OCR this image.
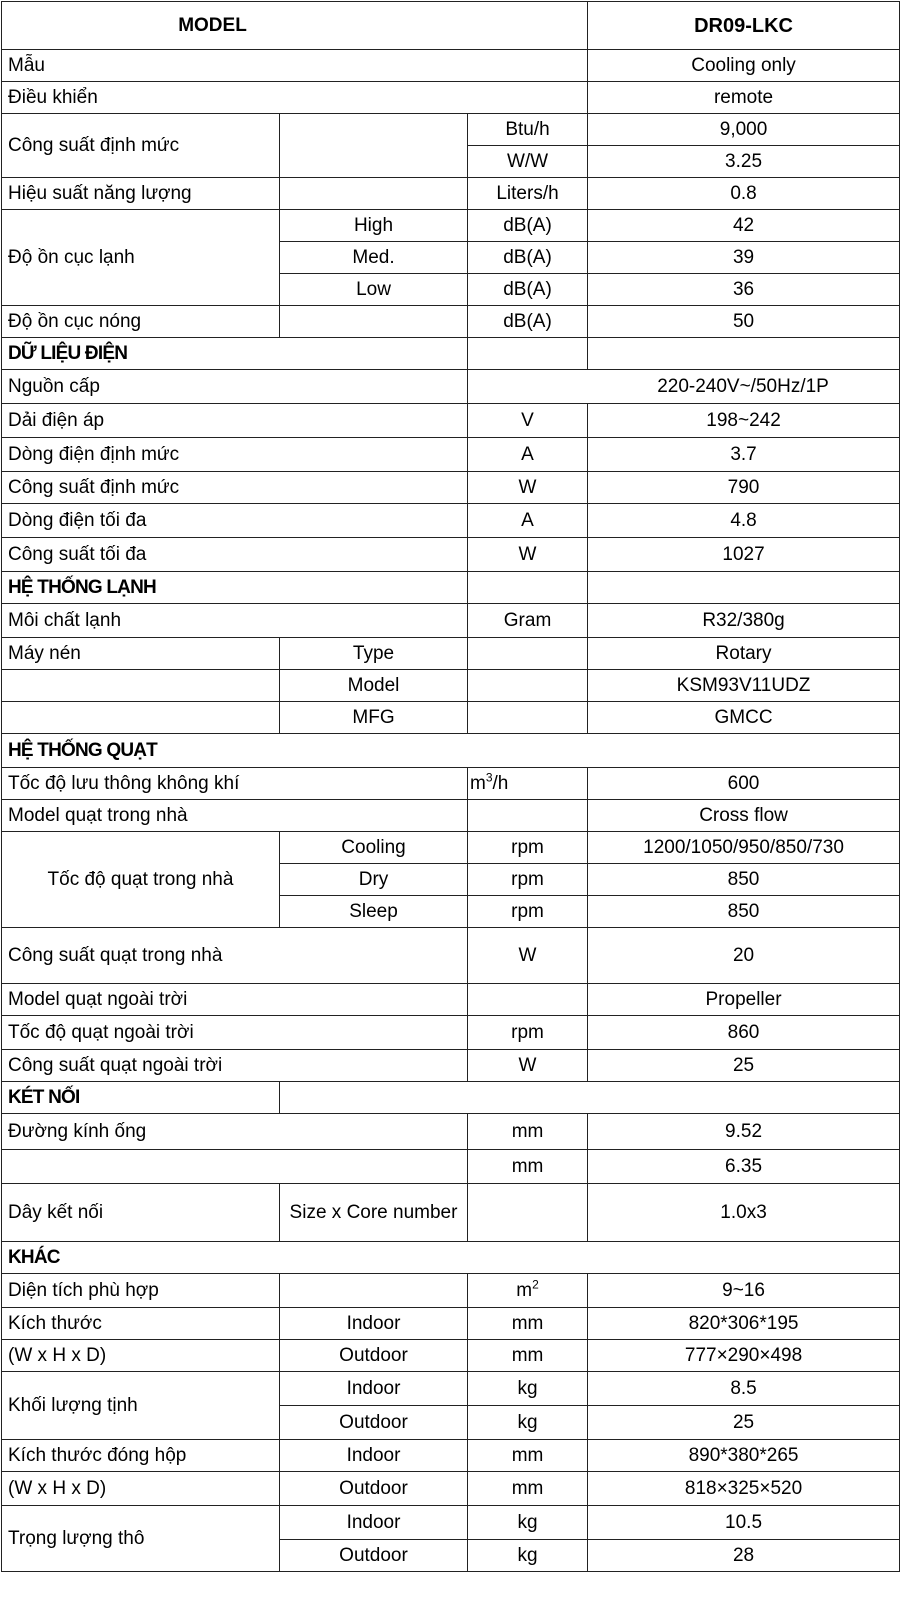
MODEL			DR09-LKC
Mẫu			Cooling only
Điều khiển			remote
Công suất định mức		Btu/h	9,000
		W/W	3.25
Hiệu suất năng lượng		Liters/h	0.8
Độ ồn cục lạnh	High	dB(A)	42
	Med.	dB(A)	39
	Low	dB(A)	36
Độ ồn cục nóng		dB(A)	50
DỮ LIỆU ĐIỆN			
Nguồn cấp		220-240V~/50Hz/1P	
Dải điện áp		V	198~242
Dòng điện định mức		A	3.7
Công suất định mức		W	790
Dòng điện tối đa		A	4.8
Công suất tối đa		W	1027
HỆ THỐNG LẠNH			
Môi chất lạnh		Gram	R32/380g
Máy nén	Type		Rotary
	Model		KSM93V11UDZ
	MFG		GMCC
HỆ THỐNG QUẠT			
Tốc độ lưu thông không khí		$m^3/h$	600
Model quạt trong nhà			Cross flow
Tốc độ quạt trong nhà	Cooling	rpm	1200/1050/950/850/730
	Dry	rpm	850
	Sleep	rpm	850
Công suất quạt trong nhà		W	20
Model quạt ngoài trời			Propeller
Tốc độ quạt ngoài trời		rpm	860
Công suất quạt ngoài trời		W	25
KÉT NỐI			
Đường kính ống		mm	9.52
		mm	6.35
Dây kết nối	Size x Core number		1.0x3
KHÁC			
Diện tích phù hợp		$m^2$	9~16
Kích thước	Indoor	mm	820*306*195
(W x H x D)	Outdoor	mm	777×290×498
Khối lượng tịnh	Indoor	kg	8.5
	Outdoor	kg	25
Kích thước đóng hộp	Indoor	mm	890*380*265
(W x H x D)	Outdoor	mm	818×325×520
Trọng lượng thô	Indoor	kg	10.5
	Outdoor	kg	28
